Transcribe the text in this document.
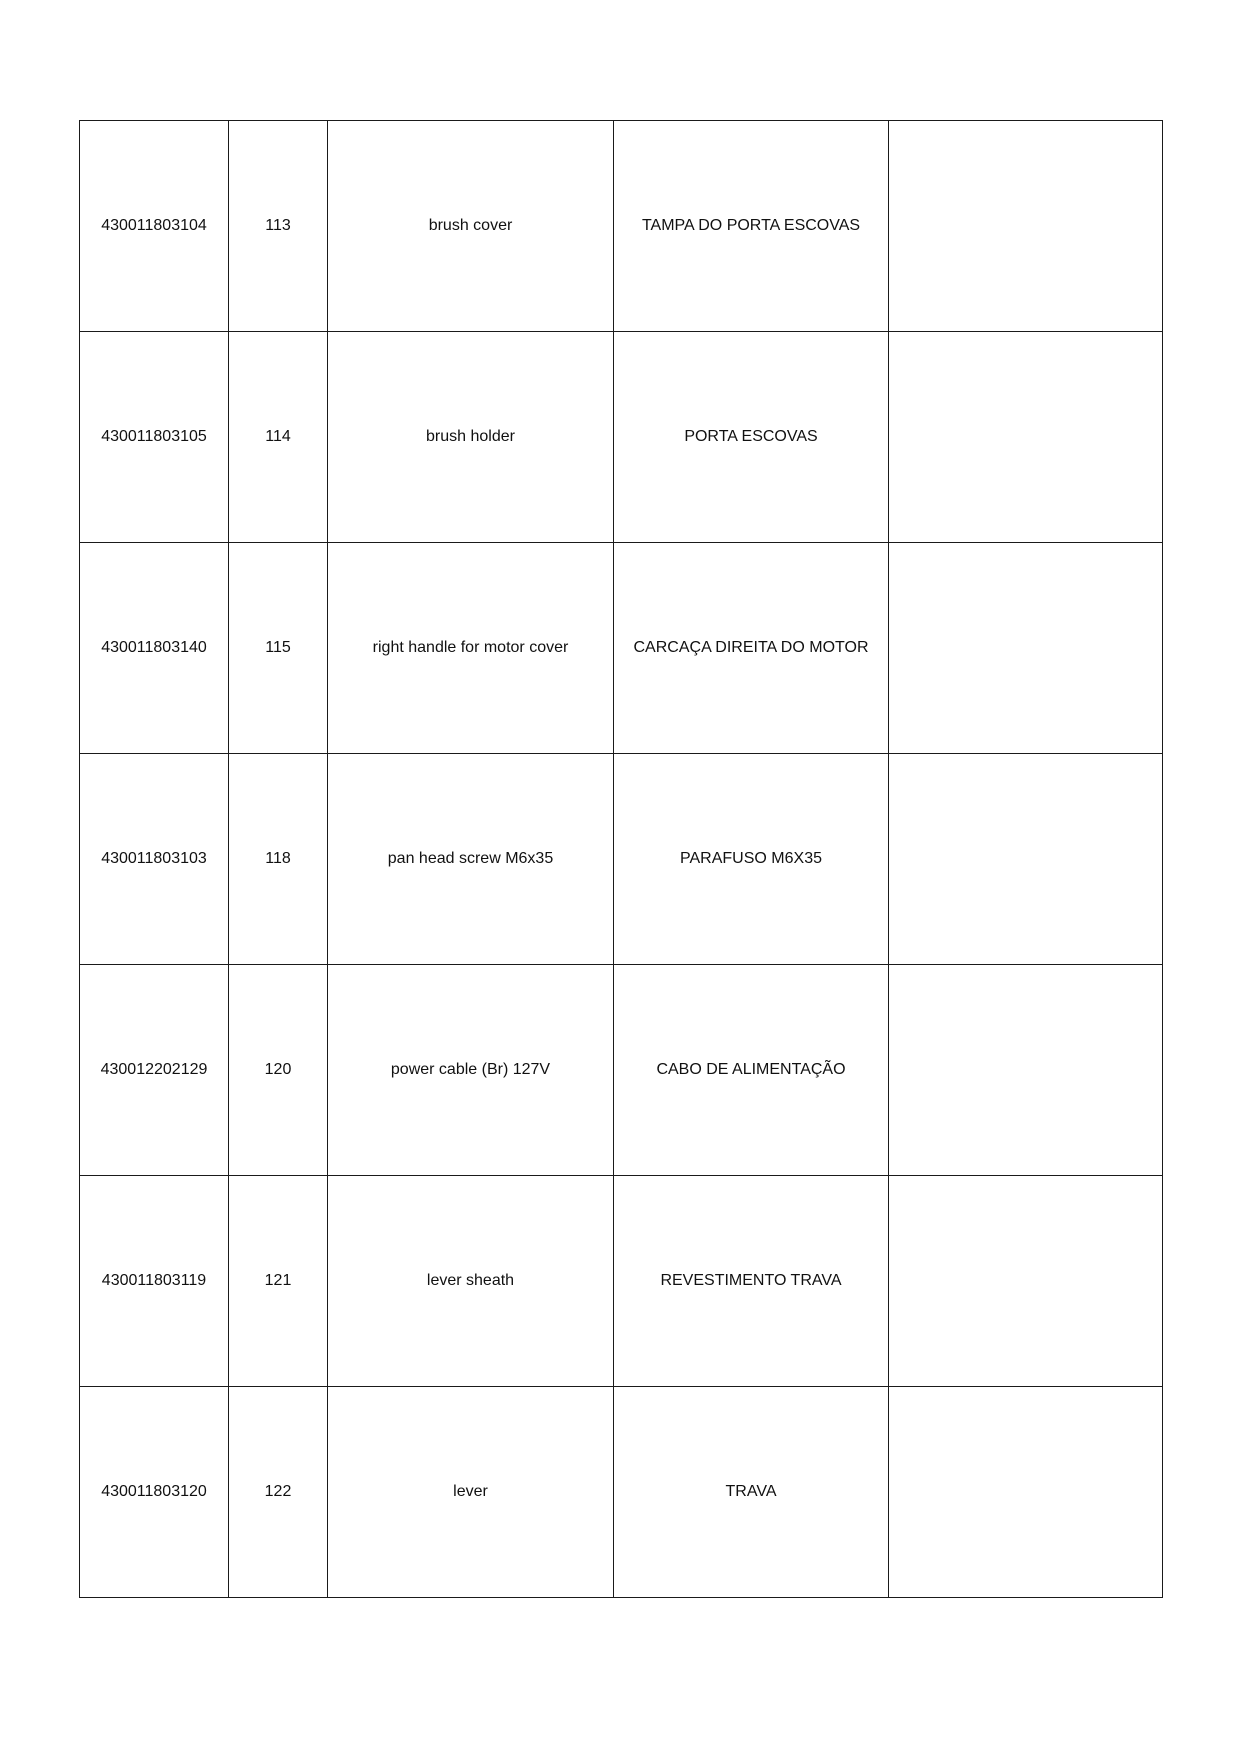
430011803104	113	brush cover	TAMPA DO PORTA ESCOVAS	
430011803105	114	brush holder	PORTA ESCOVAS	
430011803140	115	right handle for motor cover	CARCAÇA DIREITA DO MOTOR	
430011803103	118	pan head screw M6x35	PARAFUSO M6X35	
430012202129	120	power cable (Br) 127V	CABO DE ALIMENTAÇÃO	
430011803119	121	lever sheath	REVESTIMENTO TRAVA	
430011803120	122	lever	TRAVA	
